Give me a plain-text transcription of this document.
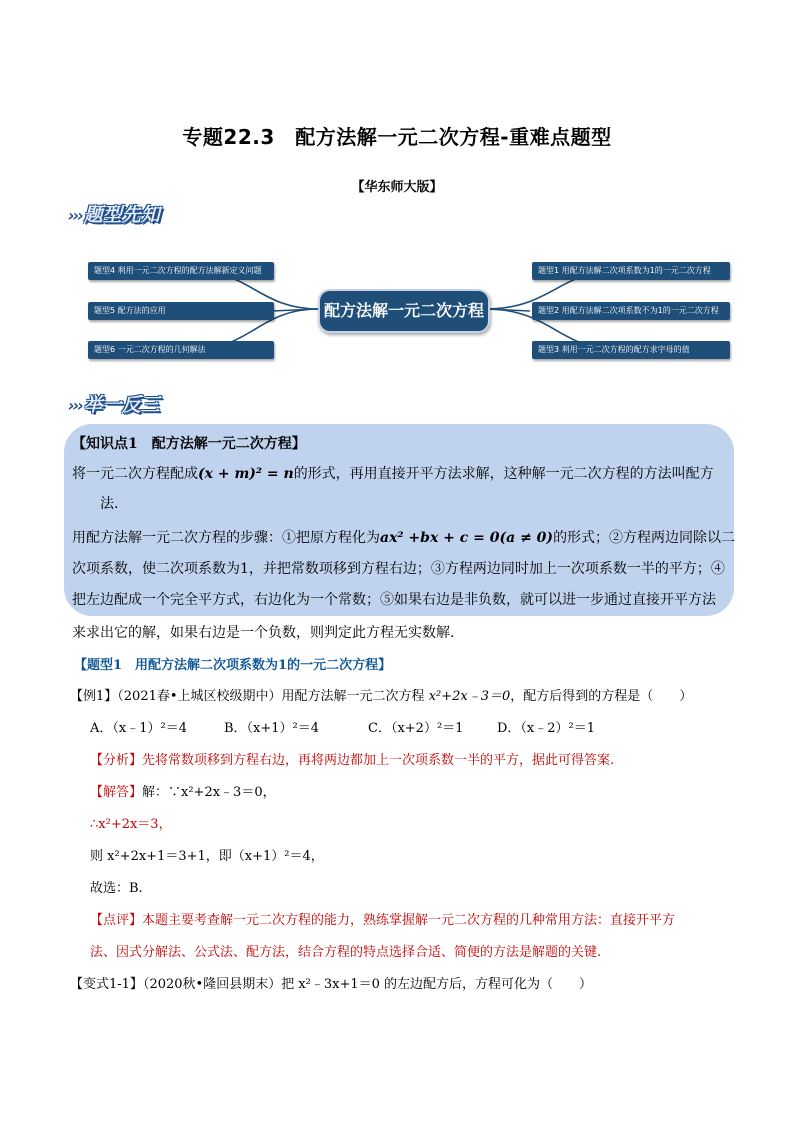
专题22.3　配方法解一元二次方程-重难点题型
【华东师大版】
››› 题型先知
题型4 利用一元二次方程的配方法解新定义问题
题型5 配方法的应用
题型6 一元二次方程的几何解法
配方法解一元二次方程
题型1 用配方法解二次项系数为1的一元二次方程
题型2 用配方法解二次项系数不为1的一元二次方程
题型3 利用一元二次方程的配方求字母的值
››› 举一反三
【知识点1　配方法解一元二次方程】
将一元二次方程配成(x + m)² = n的形式，再用直接开平方法求解，这种解一元二次方程的方法叫配方
法.
用配方法解一元二次方程的步骤：①把原方程化为ax² +bx + c = 0(a ≠ 0)的形式；②方程两边同除以二
次项系数，使二次项系数为1，并把常数项移到方程右边；③方程两边同时加上一次项系数一半的平方；④
把左边配成一个完全平方式，右边化为一个常数；⑤如果右边是非负数，就可以进一步通过直接开平方法
来求出它的解，如果右边是一个负数，则判定此方程无实数解.
【题型1　用配方法解二次项系数为1的一元二次方程】
【例1】（2021春•上城区校级期中）用配方法解一元二次方程 x²+2x﹣3＝0，配方后得到的方程是（　　）
A．（x﹣1）²＝4	B．（x+1）²＝4	C．（x+2）²＝1	D．（x﹣2）²＝1
【分析】先将常数项移到方程右边，再将两边都加上一次项系数一半的平方，据此可得答案.
【解答】解：∵x²+2x﹣3＝0，
∴x²+2x＝3，
则 x²+2x+1＝3+1，即（x+1）²＝4，
故选：B.
【点评】本题主要考查解一元二次方程的能力，熟练掌握解一元二次方程的几种常用方法：直接开平方
法、因式分解法、公式法、配方法，结合方程的特点选择合适、简便的方法是解题的关键.
【变式1-1】（2020秋•隆回县期末）把 x²﹣3x+1＝0 的左边配方后，方程可化为（　　）
